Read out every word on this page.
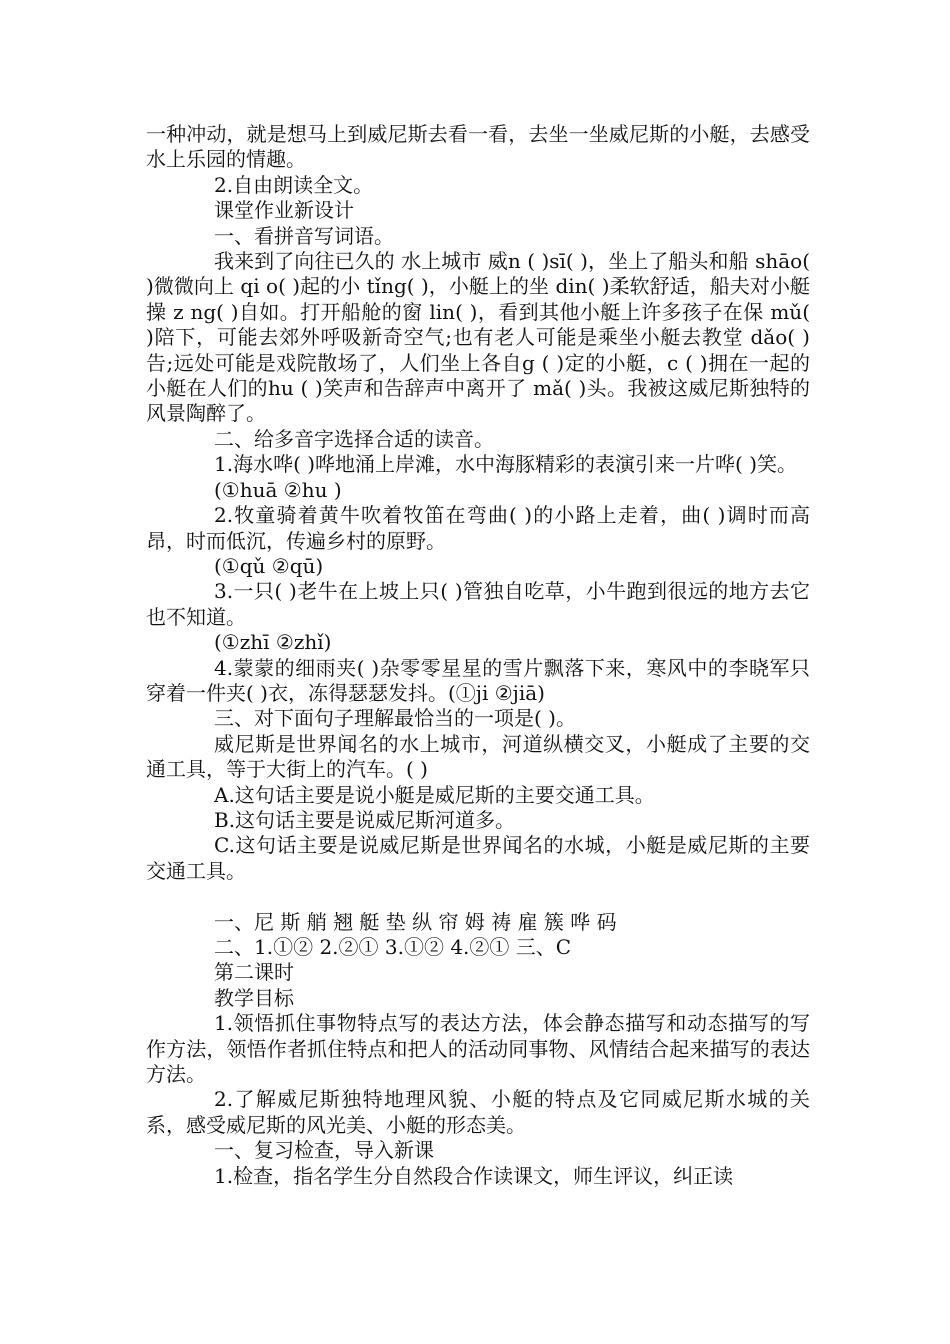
一种冲动，就是想马上到威尼斯去看一看，去坐一坐威尼斯的小艇，去感受水上乐园的情趣。

2.自由朗读全文。

课堂作业新设计

一、看拼音写词语。

我来到了向往已久的 水上城市 威n ( )sī( )，坐上了船头和船 shāo( )微微向上 qi o( )起的小 tǐng( )，小艇上的坐 din( )柔软舒适，船夫对小艇操 z ng( )自如。打开船舱的窗 lin( )，看到其他小艇上许多孩子在保 mǔ( )陪下，可能去郊外呼吸新奇空气;也有老人可能是乘坐小艇去教堂 dǎo( )告;远处可能是戏院散场了，人们坐上各自g ( )定的小艇，c ( )拥在一起的小艇在人们的hu ( )笑声和告辞声中离开了 mǎ( )头。我被这威尼斯独特的风景陶醉了。

二、给多音字选择合适的读音。

1.海水哗( )哗地涌上岸滩，水中海豚精彩的表演引来一片哗( )笑。

(①huā ②hu )

2.牧童骑着黄牛吹着牧笛在弯曲( )的小路上走着，曲( )调时而高昂，时而低沉，传遍乡村的原野。

(①qǔ ②qū)

3.一只( )老牛在上坡上只( )管独自吃草，小牛跑到很远的地方去它也不知道。

(①zhī ②zhǐ)

4.蒙蒙的细雨夹( )杂零零星星的雪片飘落下来，寒风中的李晓军只穿着一件夹( )衣，冻得瑟瑟发抖。(①ji ②jiā)

三、对下面句子理解最恰当的一项是( )。

威尼斯是世界闻名的水上城市，河道纵横交叉，小艇成了主要的交通工具，等于大街上的汽车。( )

A.这句话主要是说小艇是威尼斯的主要交通工具。

B.这句话主要是说威尼斯河道多。

C.这句话主要是说威尼斯是世界闻名的水城，小艇是威尼斯的主要交通工具。

一、尼 斯 艄 翘 艇 垫 纵 帘 姆 祷 雇 簇 哗 码

二、1.①② 2.②① 3.①② 4.②① 三、C

第二课时

教学目标

1.领悟抓住事物特点写的表达方法，体会静态描写和动态描写的写作方法，领悟作者抓住特点和把人的活动同事物、风情结合起来描写的表达方法。

2.了解威尼斯独特地理风貌、小艇的特点及它同威尼斯水城的关系，感受威尼斯的风光美、小艇的形态美。

一、复习检查，导入新课

1.检查，指名学生分自然段合作读课文，师生评议，纠正读
